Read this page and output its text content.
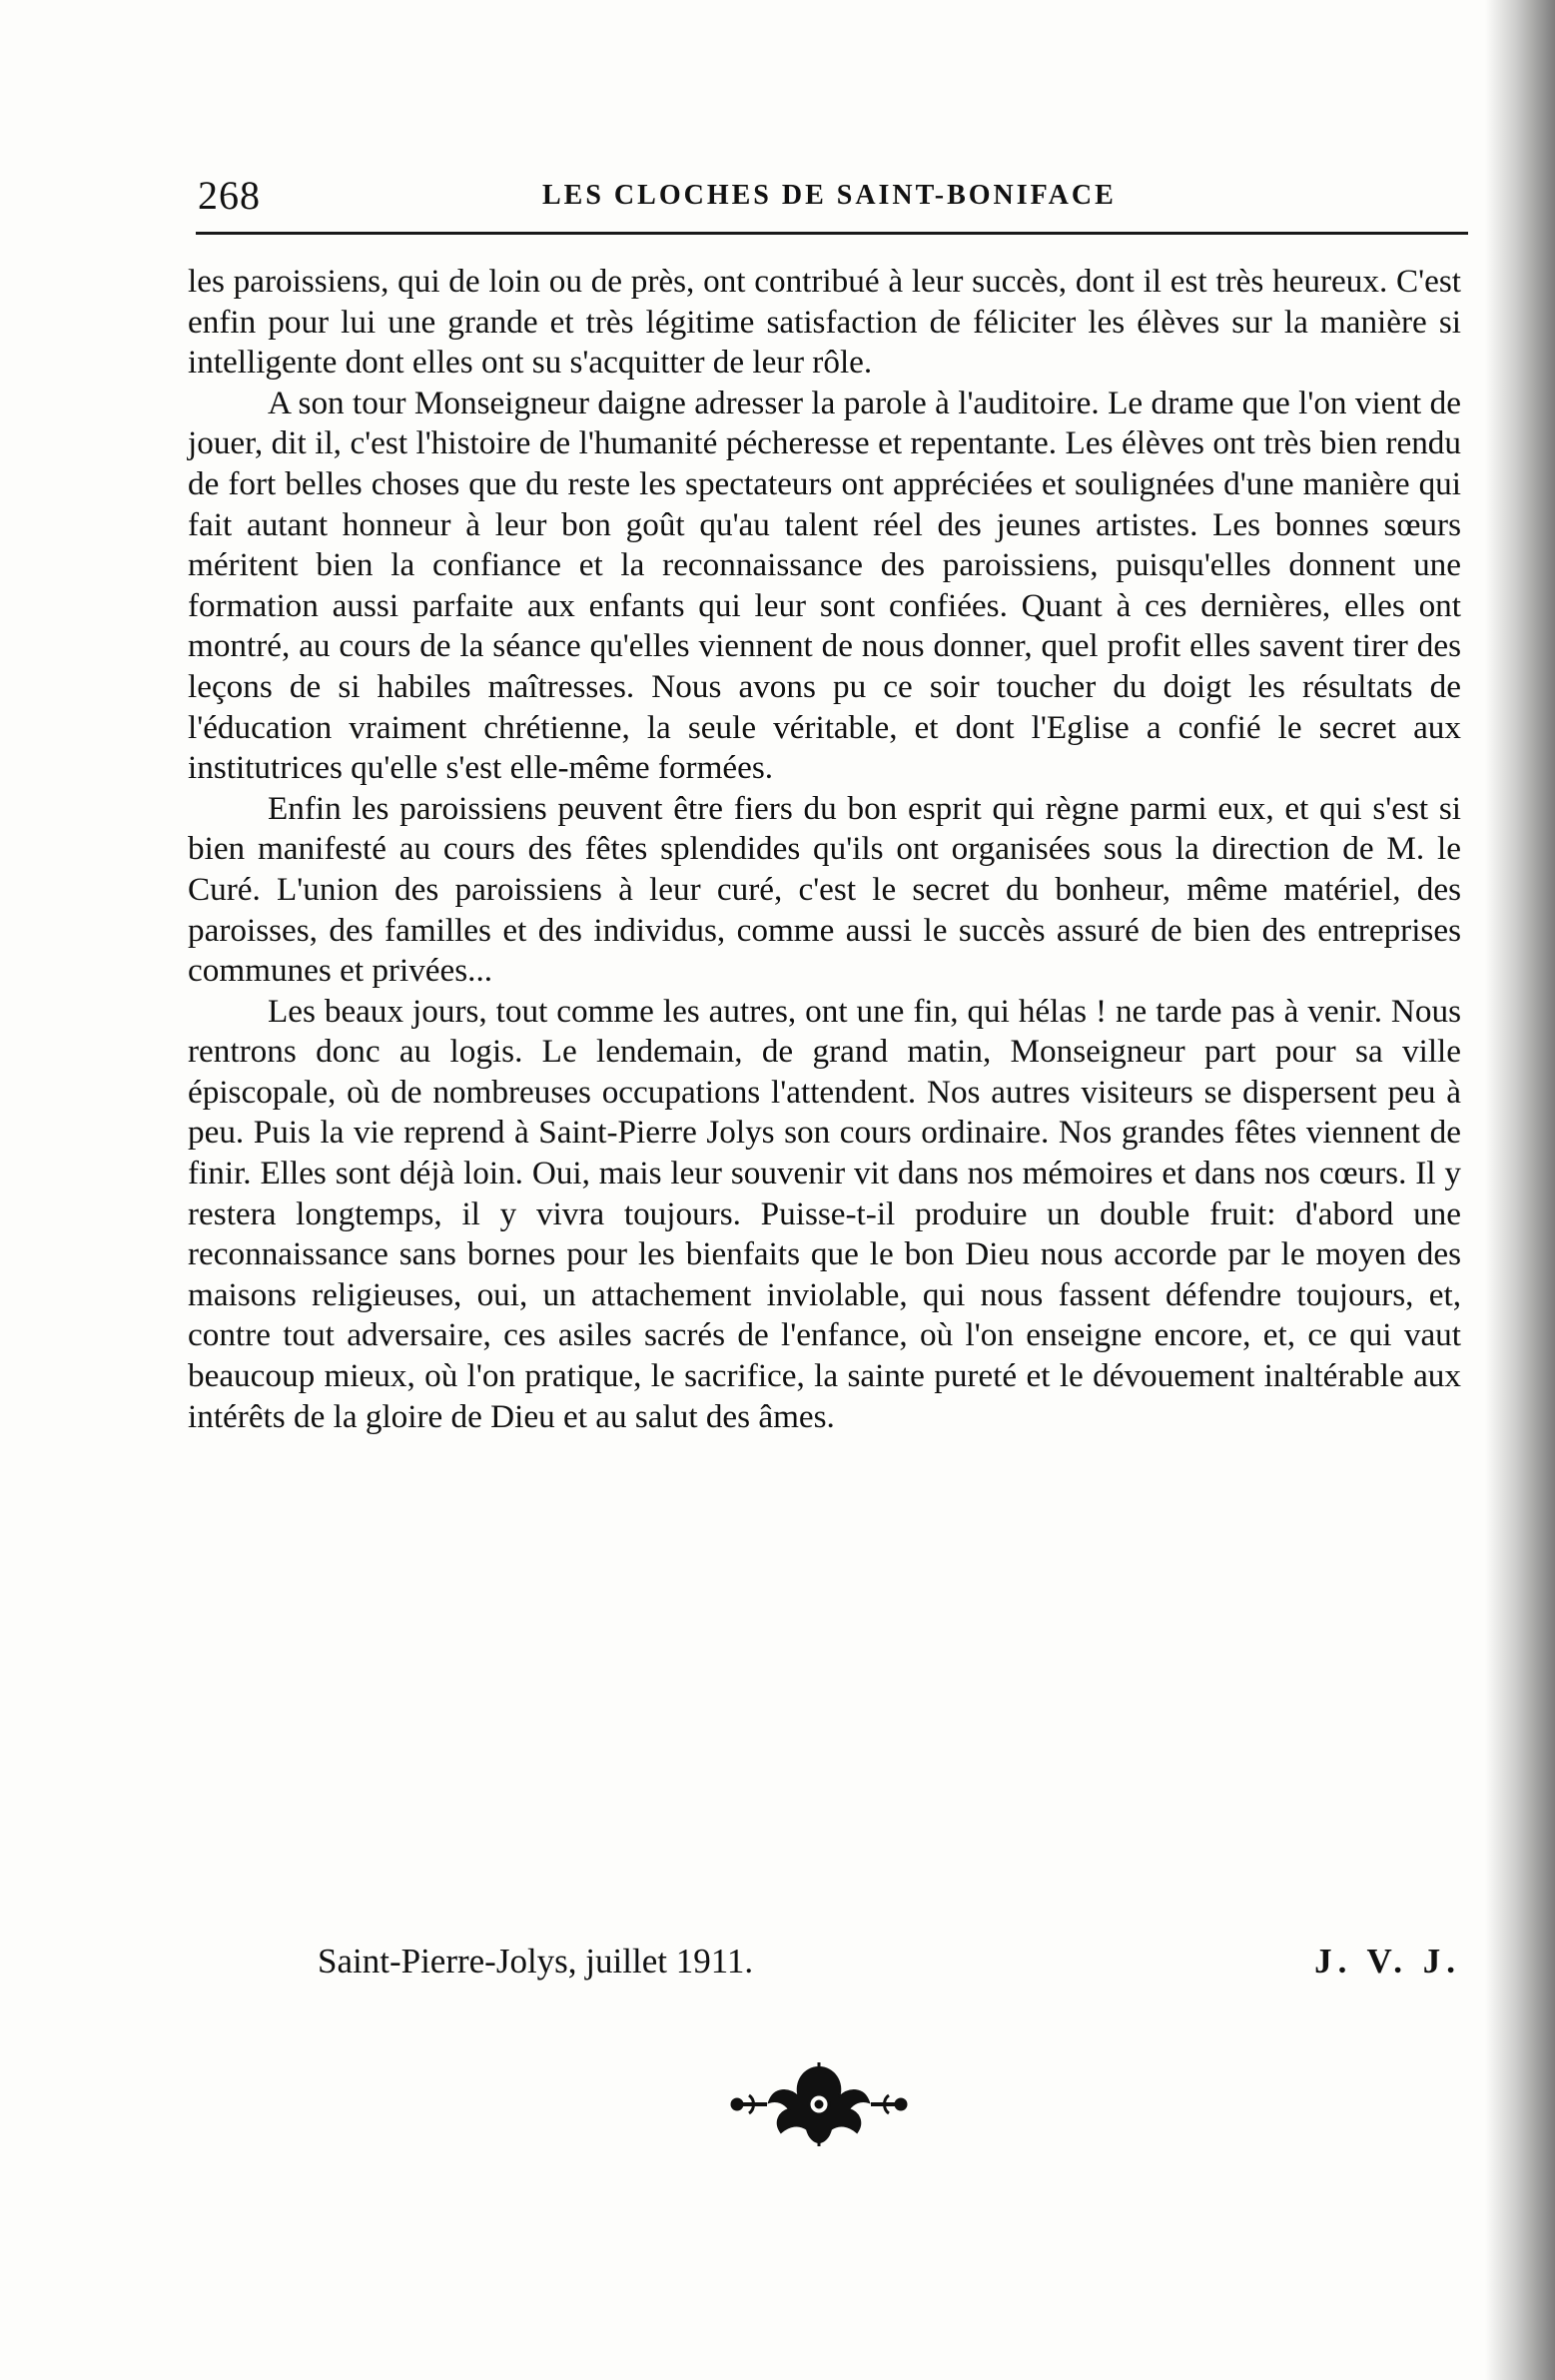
268	LES CLOCHES DE SAINT-BONIFACE

les paroissiens, qui de loin ou de près, ont contribué à leur succès, dont il est très heureux. C'est enfin pour lui une grande et très légitime satisfaction de féliciter les élèves sur la manière si intelligente dont elles ont su s'acquitter de leur rôle.

A son tour Monseigneur daigne adresser la parole à l'auditoire. Le drame que l'on vient de jouer, dit il, c'est l'histoire de l'humanité pécheresse et repentante. Les élèves ont très bien rendu de fort belles choses que du reste les spectateurs ont appréciées et soulignées d'une manière qui fait autant honneur à leur bon goût qu'au talent réel des jeunes artistes. Les bonnes sœurs méritent bien la confiance et la reconnaissance des paroissiens, puisqu'elles donnent une formation aussi parfaite aux enfants qui leur sont confiées. Quant à ces dernières, elles ont montré, au cours de la séance qu'elles viennent de nous donner, quel profit elles savent tirer des leçons de si habiles maîtresses. Nous avons pu ce soir toucher du doigt les résultats de l'éducation vraiment chrétienne, la seule véritable, et dont l'Eglise a confié le secret aux institutrices qu'elle s'est elle-même formées.

Enfin les paroissiens peuvent être fiers du bon esprit qui règne parmi eux, et qui s'est si bien manifesté au cours des fêtes splendides qu'ils ont organisées sous la direction de M. le Curé. L'union des paroissiens à leur curé, c'est le secret du bonheur, même matériel, des paroisses, des familles et des individus, comme aussi le succès assuré de bien des entreprises communes et privées...

Les beaux jours, tout comme les autres, ont une fin, qui hélas ! ne tarde pas à venir. Nous rentrons donc au logis. Le lendemain, de grand matin, Monseigneur part pour sa ville épiscopale, où de nombreuses occupations l'attendent. Nos autres visiteurs se dispersent peu à peu. Puis la vie reprend à Saint-Pierre Jolys son cours ordinaire. Nos grandes fêtes viennent de finir. Elles sont déjà loin. Oui, mais leur souvenir vit dans nos mémoires et dans nos cœurs. Il y restera longtemps, il y vivra toujours. Puisse-t-il produire un double fruit: d'abord une reconnaissance sans bornes pour les bienfaits que le bon Dieu nous accorde par le moyen des maisons religieuses, oui, un attachement inviolable, qui nous fassent défendre toujours, et, contre tout adversaire, ces asiles sacrés de l'enfance, où l'on enseigne encore, et, ce qui vaut beaucoup mieux, où l'on pratique, le sacrifice, la sainte pureté et le dévouement inaltérable aux intérêts de la gloire de Dieu et au salut des âmes.

Saint-Pierre-Jolys, juillet 1911.	J. V. J.
